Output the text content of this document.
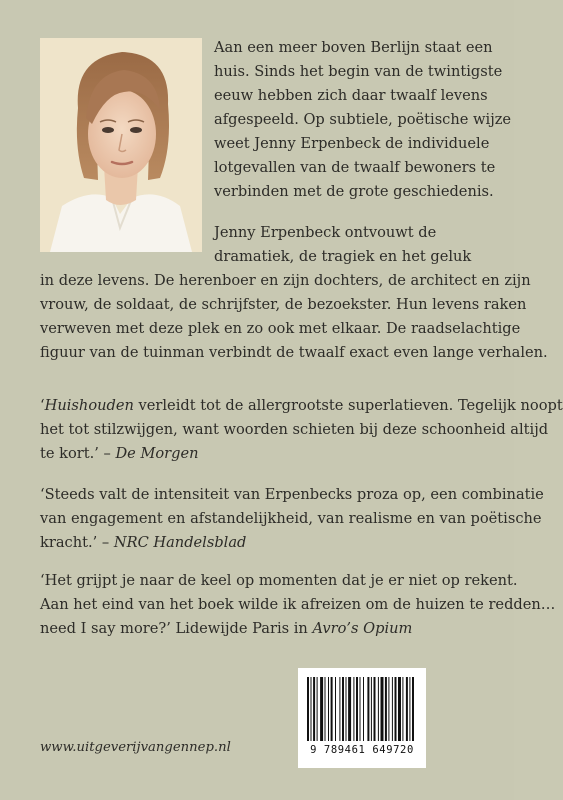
Aan een meer boven Berlijn staat een
huis. Sinds het begin van de twintigste
eeuw hebben zich daar twaalf levens
afgespeeld. Op subtiele, poëtische wijze
weet Jenny Erpenbeck de individuele
lotgevallen van de twaalf bewoners te
verbinden met de grote geschiedenis.

Jenny Erpenbeck ontvouwt de
dramatiek, de tragiek en het geluk

in deze levens. De herenboer en zijn dochters, de architect en zijn
vrouw, de soldaat, de schrijfster, de bezoekster. Hun levens raken
verweven met deze plek en zo ook met elkaar. De raadselachtige
figuur van de tuinman verbindt de twaalf exact even lange verhalen.

‘Huishouden verleidt tot de allergrootste superlatieven. Tegelijk noopt
het tot stilzwijgen, want woorden schieten bij deze schoonheid altijd
te kort.’ – De Morgen

‘Steeds valt de intensiteit van Erpenbecks proza op, een combinatie
van engagement en afstandelijkheid, van realisme en van poëtische
kracht.’ – NRC Handelsblad

‘Het grijpt je naar de keel op momenten dat je er niet op rekent.
Aan het eind van het boek wilde ik afreizen om de huizen te redden…
need I say more?’ Lidewijde Paris in Avro’s Opium

www.uitgeverijvangennep.nl	9 789461 649720
